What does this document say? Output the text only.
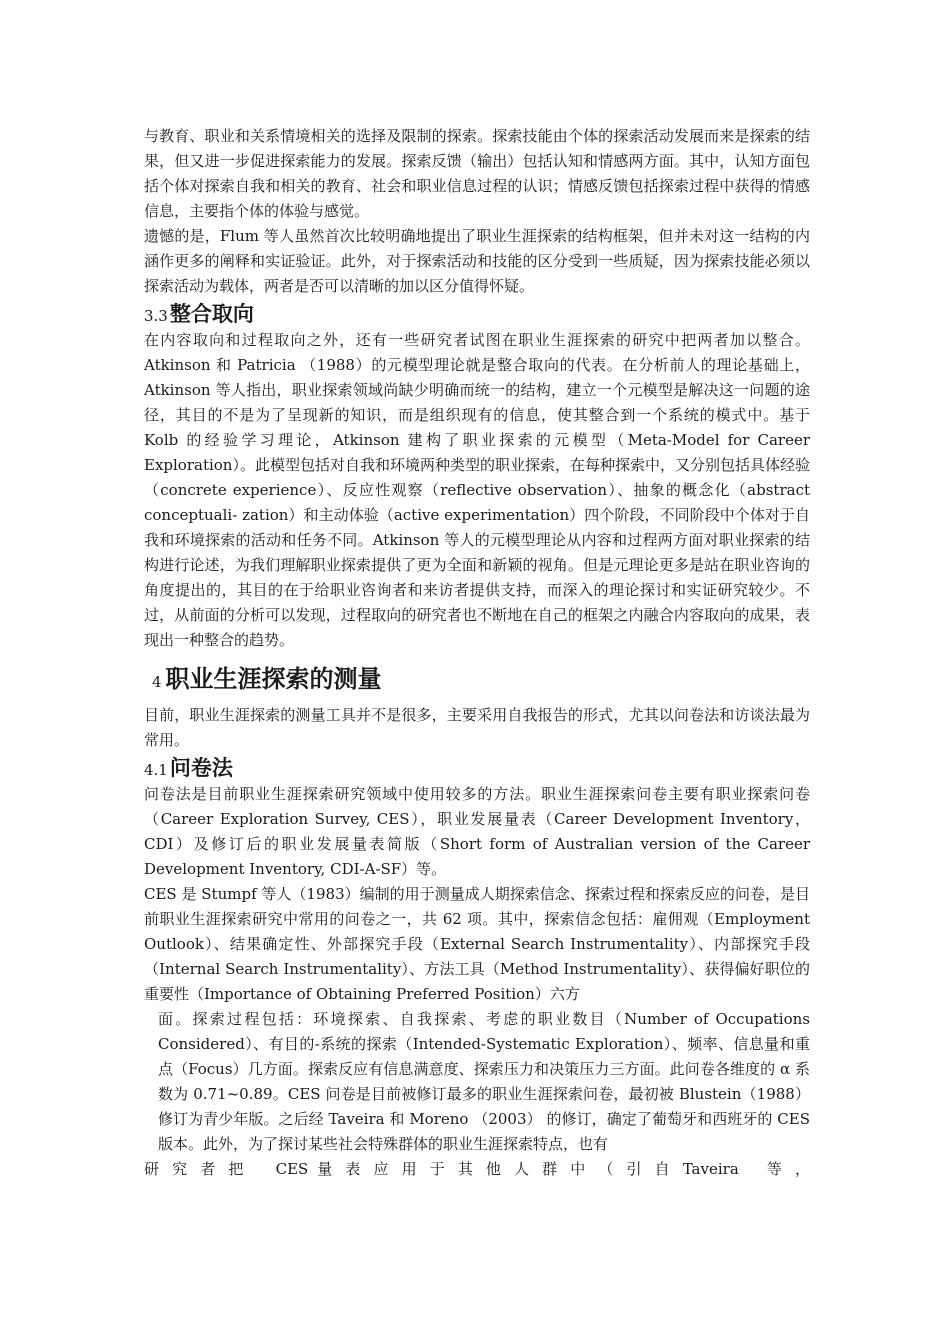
与教育、职业和关系情境相关的选择及限制的探索。探索技能由个体的探索活动发展而来是探索的结果，但又进一步促进探索能力的发展。探索反馈（输出）包括认知和情感两方面。其中，认知方面包括个体对探索自我和相关的教育、社会和职业信息过程的认识；情感反馈包括探索过程中获得的情感信息，主要指个体的体验与感觉。

遗憾的是，Flum 等人虽然首次比较明确地提出了职业生涯探索的结构框架，但并未对这一结构的内涵作更多的阐释和实证验证。此外，对于探索活动和技能的区分受到一些质疑，因为探索技能必须以探索活动为载体，两者是否可以清晰的加以区分值得怀疑。

3.3整合取向

在内容取向和过程取向之外，还有一些研究者试图在职业生涯探索的研究中把两者加以整合。Atkinson 和 Patricia （1988）的元模型理论就是整合取向的代表。在分析前人的理论基础上，Atkinson 等人指出，职业探索领域尚缺少明确而统一的结构，建立一个元模型是解决这一问题的途径，其目的不是为了呈现新的知识，而是组织现有的信息，使其整合到一个系统的模式中。基于 Kolb 的经验学习理论，Atkinson 建构了职业探索的元模型（Meta-Model for Career Exploration）。此模型包括对自我和环境两种类型的职业探索，在每种探索中，又分别包括具体经验（concrete experience）、反应性观察（reflective observation）、抽象的概念化（abstract conceptuali- zation）和主动体验（active experimentation）四个阶段，不同阶段中个体对于自我和环境探索的活动和任务不同。Atkinson 等人的元模型理论从内容和过程两方面对职业探索的结构进行论述，为我们理解职业探索提供了更为全面和新颖的视角。但是元理论更多是站在职业咨询的角度提出的，其目的在于给职业咨询者和来访者提供支持，而深入的理论探讨和实证研究较少。不过，从前面的分析可以发现，过程取向的研究者也不断地在自己的框架之内融合内容取向的成果，表现出一种整合的趋势。

4 职业生涯探索的测量

目前，职业生涯探索的测量工具并不是很多，主要采用自我报告的形式，尤其以问卷法和访谈法最为常用。

4.1问卷法

问卷法是目前职业生涯探索研究领域中使用较多的方法。职业生涯探索问卷主要有职业探索问卷（Career Exploration Survey, CES），职业发展量表（Career Development Inventory，CDI）及修订后的职业发展量表简版（Short form of Australian version of the Career Development Inventory, CDI-A-SF）等。

CES 是 Stumpf 等人（1983）编制的用于测量成人期探索信念、探索过程和探索反应的问卷，是目前职业生涯探索研究中常用的问卷之一，共 62 项。其中，探索信念包括：雇佣观（Employment Outlook）、结果确定性、外部探究手段（External Search Instrumentality）、内部探究手段（Internal Search Instrumentality）、方法工具（Method Instrumentality）、获得偏好职位的重要性（Importance of Obtaining Preferred Position）六方

面。探索过程包括：环境探索、自我探索、考虑的职业数目（Number of Occupations Considered）、有目的-系统的探索（Intended-Systematic Exploration）、频率、信息量和重点（Focus）几方面。探索反应有信息满意度、探索压力和决策压力三方面。此问卷各维度的 α 系数为 0.71~0.89。CES 问卷是目前被修订最多的职业生涯探索问卷，最初被 Blustein（1988） 修订为青少年版。之后经 Taveira 和 Moreno （2003） 的修订，确定了葡萄牙和西班牙的 CES 版本。此外，为了探讨某些社会特殊群体的职业生涯探索特点，也有

研 究 者 把 　CES 量 表 应 用 于 其 他 人 群 中 （ 引 自 Taveira 　等 ，
